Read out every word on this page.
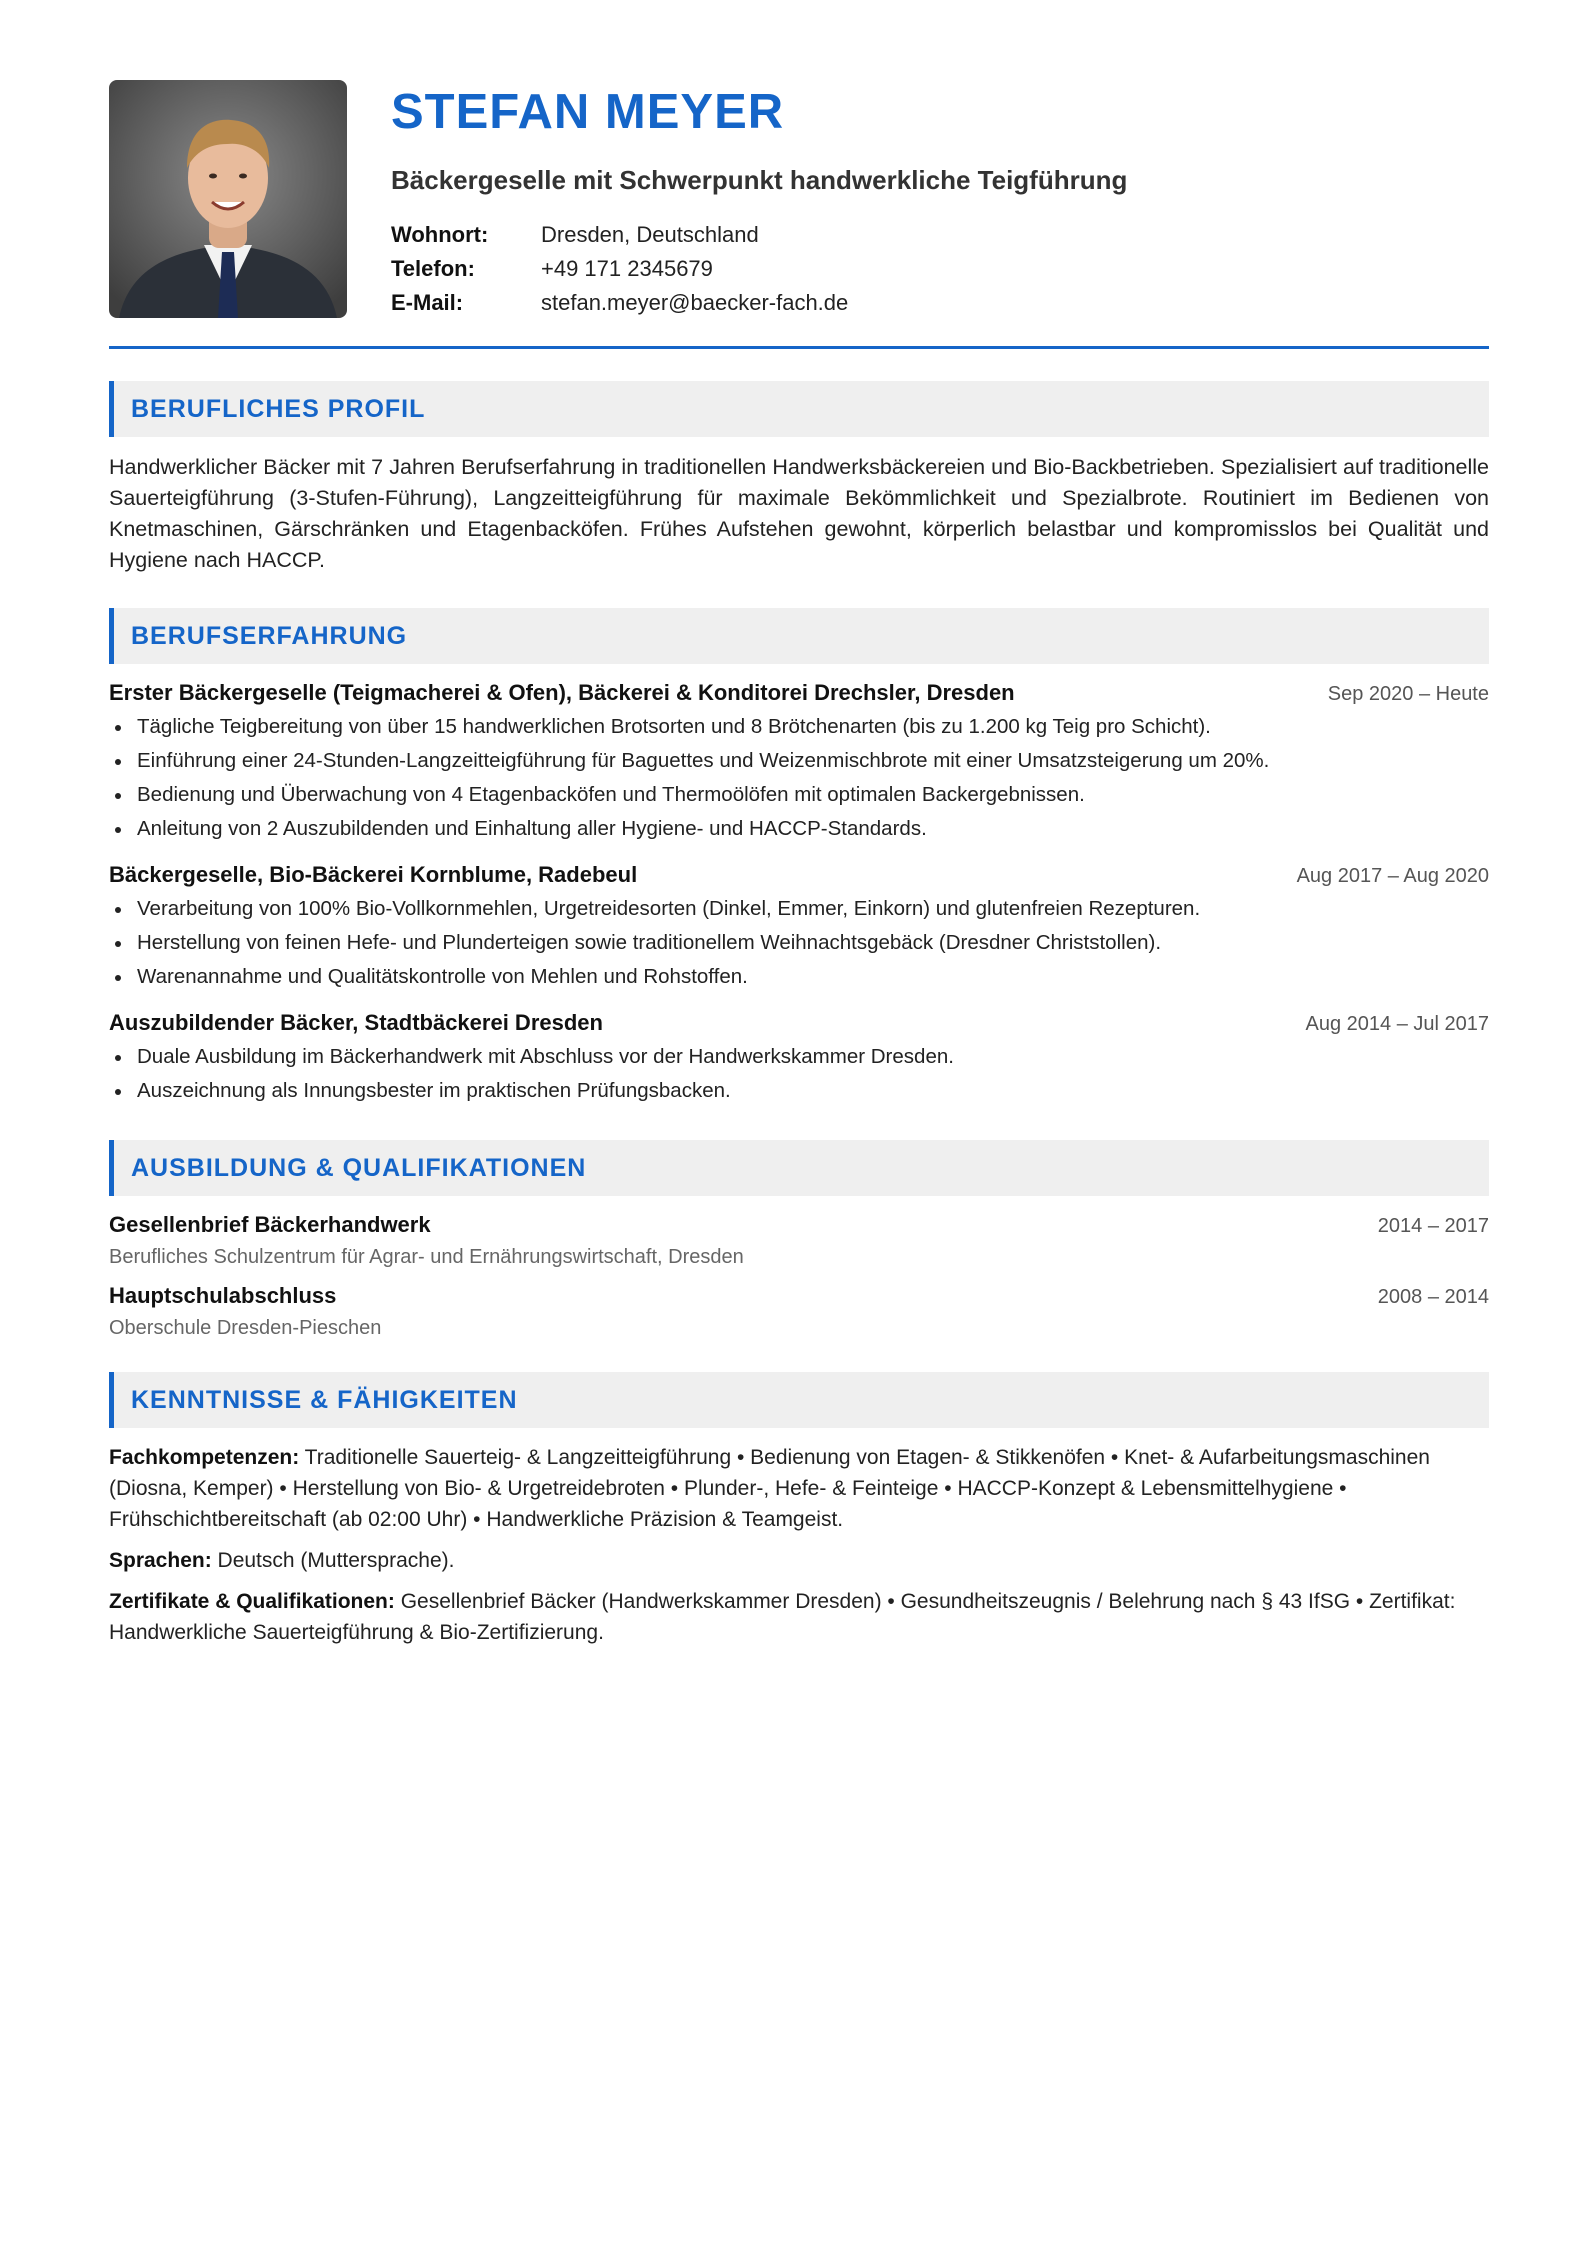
STEFAN MEYER
Bäckergeselle mit Schwerpunkt handwerkliche Teigführung
Wohnort:	Dresden, Deutschland
Telefon:	+49 171 2345679
E-Mail:	stefan.meyer@baecker-fach.de
BERUFLICHES PROFIL

Handwerklicher Bäcker mit 7 Jahren Berufserfahrung in traditionellen Handwerksbäckereien und Bio-Backbetrieben. Spezialisiert auf traditionelle Sauerteigführung (3-Stufen-Führung), Langzeitteigführung für maximale Bekömmlichkeit und Spezialbrote. Routiniert im Bedienen von Knetmaschinen, Gärschränken und Etagenbacköfen. Frühes Aufstehen gewohnt, körperlich belastbar und kompromisslos bei Qualität und Hygiene nach HACCP.

BERUFSERFAHRUNG
Erster Bäckergeselle (Teigmacherei & Ofen), Bäckerei & Konditorei Drechsler, Dresden	Sep 2020 – Heute
Tägliche Teigbereitung von über 15 handwerklichen Brotsorten und 8 Brötchenarten (bis zu 1.200 kg Teig pro Schicht).
Einführung einer 24-Stunden-Langzeitteigführung für Baguettes und Weizenmischbrote mit einer Umsatzsteigerung um 20%.
Bedienung und Überwachung von 4 Etagenbacköfen und Thermoölöfen mit optimalen Backergebnissen.
Anleitung von 2 Auszubildenden und Einhaltung aller Hygiene- und HACCP-Standards.
Bäckergeselle, Bio-Bäckerei Kornblume, Radebeul	Aug 2017 – Aug 2020
Verarbeitung von 100% Bio-Vollkornmehlen, Urgetreidesorten (Dinkel, Emmer, Einkorn) und glutenfreien Rezepturen.
Herstellung von feinen Hefe- und Plunderteigen sowie traditionellem Weihnachtsgebäck (Dresdner Christstollen).
Warenannahme und Qualitätskontrolle von Mehlen und Rohstoffen.
Auszubildender Bäcker, Stadtbäckerei Dresden	Aug 2014 – Jul 2017
Duale Ausbildung im Bäckerhandwerk mit Abschluss vor der Handwerkskammer Dresden.
Auszeichnung als Innungsbester im praktischen Prüfungsbacken.
AUSBILDUNG & QUALIFIKATIONEN
Gesellenbrief Bäckerhandwerk	2014 – 2017
Berufliches Schulzentrum für Agrar- und Ernährungswirtschaft, Dresden
Hauptschulabschluss	2008 – 2014
Oberschule Dresden-Pieschen
KENNTNISSE & FÄHIGKEITEN

Fachkompetenzen: Traditionelle Sauerteig- & Langzeitteigführung • Bedienung von Etagen- & Stikkenöfen • Knet- & Aufarbeitungsmaschinen (Diosna, Kemper) • Herstellung von Bio- & Urgetreidebroten • Plunder-, Hefe- & Feinteige • HACCP-Konzept & Lebensmittelhygiene • Frühschichtbereitschaft (ab 02:00 Uhr) • Handwerkliche Präzision & Teamgeist.

Sprachen: Deutsch (Muttersprache).

Zertifikate & Qualifikationen: Gesellenbrief Bäcker (Handwerkskammer Dresden) • Gesundheitszeugnis / Belehrung nach § 43 IfSG • Zertifikat: Handwerkliche Sauerteigführung & Bio-Zertifizierung.
